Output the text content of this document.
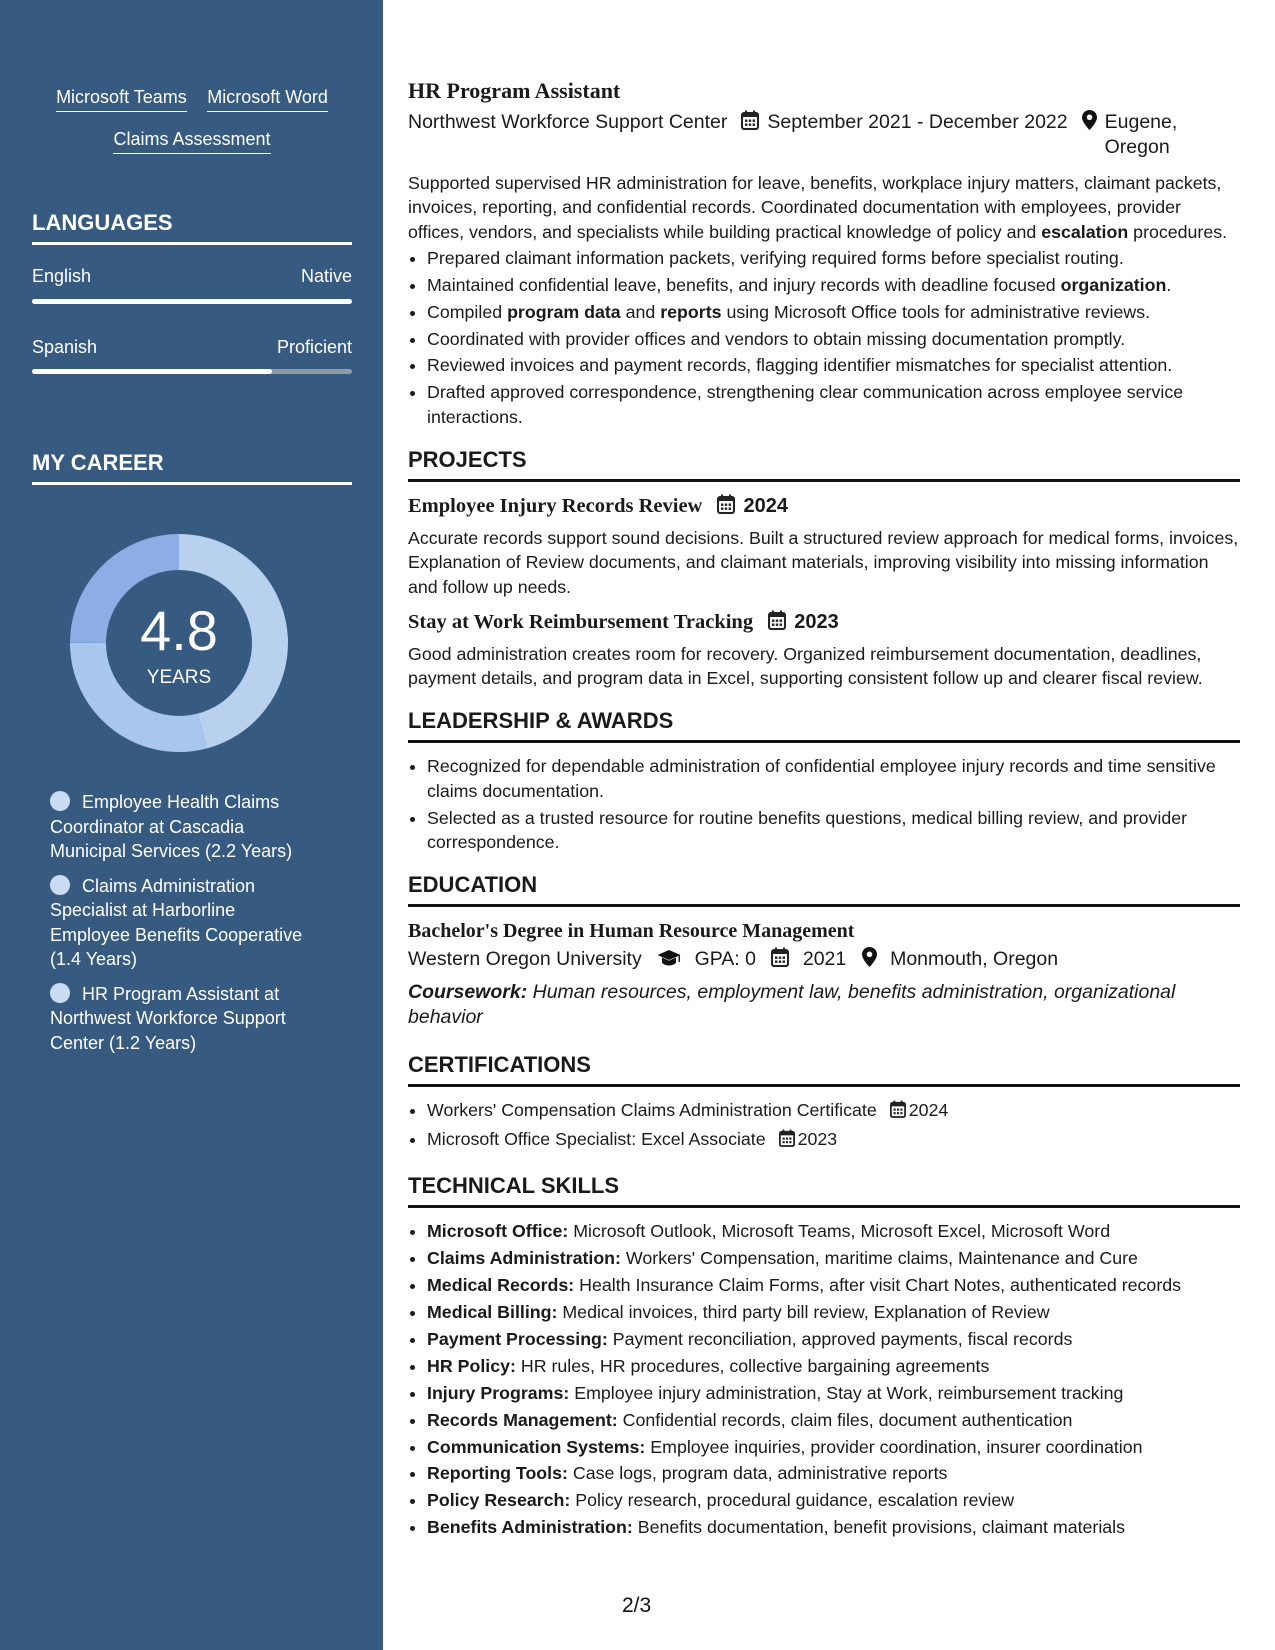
Microsoft Teams Microsoft Word Claims Assessment
LANGUAGES
English	Native
Spanish	Proficient
MY CAREER
4.8
YEARS
Employee Health Claims Coordinator at Cascadia Municipal Services (2.2 Years)
Claims Administration Specialist at Harborline Employee Benefits Cooperative (1.4 Years)
HR Program Assistant at Northwest Workforce Support Center (1.2 Years)
HR Program Assistant
Northwest Workforce Support Center September 2021 - December 2022 Eugene,
Oregon
Supported supervised HR administration for leave, benefits, workplace injury matters, claimant packets, invoices, reporting, and confidential records. Coordinated documentation with employees, provider offices, vendors, and specialists while building practical knowledge of policy and escalation procedures.
• Prepared claimant information packets, verifying required forms before specialist routing.
• Maintained confidential leave, benefits, and injury records with deadline focused organization.
• Compiled program data and reports using Microsoft Office tools for administrative reviews.
• Coordinated with provider offices and vendors to obtain missing documentation promptly.
• Reviewed invoices and payment records, flagging identifier mismatches for specialist attention.
• Drafted approved correspondence, strengthening clear communication across employee service interactions.
PROJECTS
Employee Injury Records Review 2024
Accurate records support sound decisions. Built a structured review approach for medical forms, invoices, Explanation of Review documents, and claimant materials, improving visibility into missing information and follow up needs.
Stay at Work Reimbursement Tracking 2023
Good administration creates room for recovery. Organized reimbursement documentation, deadlines, payment details, and program data in Excel, supporting consistent follow up and clearer fiscal review.
LEADERSHIP & AWARDS
• Recognized for dependable administration of confidential employee injury records and time sensitive claims documentation.
• Selected as a trusted resource for routine benefits questions, medical billing review, and provider correspondence.
EDUCATION
Bachelor's Degree in Human Resource Management
Western Oregon University	GPA: 0 2021 Monmouth, Oregon
Coursework: Human resources, employment law, benefits administration, organizational behavior
CERTIFICATIONS
• Workers' Compensation Claims Administration Certificate 2024
• Microsoft Office Specialist: Excel Associate 2023
TECHNICAL SKILLS
• Microsoft Office: Microsoft Outlook, Microsoft Teams, Microsoft Excel, Microsoft Word
• Claims Administration: Workers' Compensation, maritime claims, Maintenance and Cure
• Medical Records: Health Insurance Claim Forms, after visit Chart Notes, authenticated records
• Medical Billing: Medical invoices, third party bill review, Explanation of Review
• Payment Processing: Payment reconciliation, approved payments, fiscal records
• HR Policy: HR rules, HR procedures, collective bargaining agreements
• Injury Programs: Employee injury administration, Stay at Work, reimbursement tracking
• Records Management: Confidential records, claim files, document authentication
• Communication Systems: Employee inquiries, provider coordination, insurer coordination
• Reporting Tools: Case logs, program data, administrative reports
• Policy Research: Policy research, procedural guidance, escalation review
• Benefits Administration: Benefits documentation, benefit provisions, claimant materials
2/3
